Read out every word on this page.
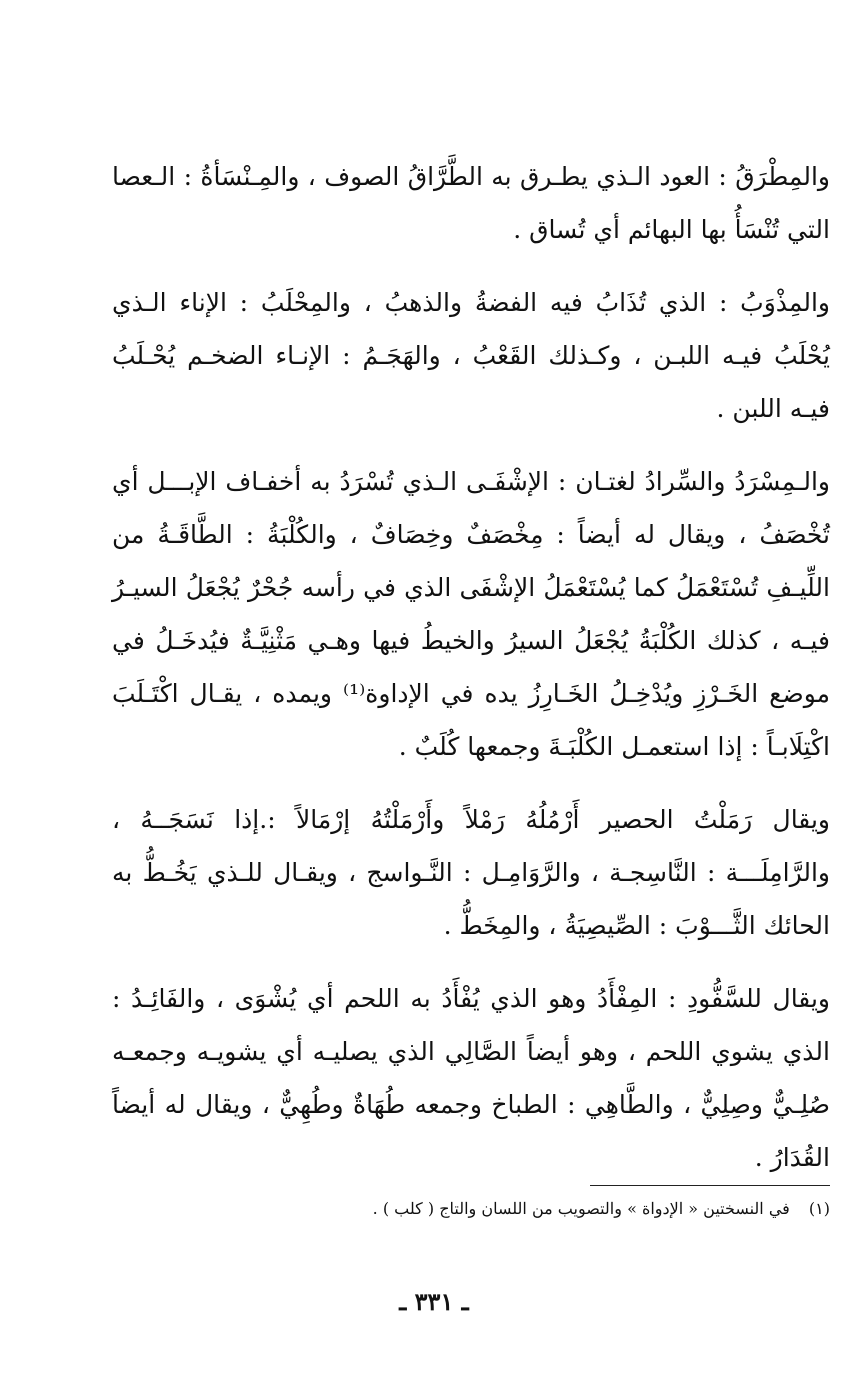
والمِطْرَقُ : العود الـذي يطـرق به الطَّرَّاقُ الصوف ، والمِـنْسَأةُ : الـعصا التي تُنْسَأُ بها البهائم أي تُساق .

والمِذْوَبُ : الذي تُذَابُ فيه الفضةُ والذهبُ ، والمِحْلَبُ : الإناء الـذي يُحْلَبُ فيـه اللبـن ، وكـذلك القَعْبُ ، والهَجَـمُ : الإنـاء الضخـم يُحْـلَبُ فيـه اللبن .

والـمِسْرَدُ والسِّرادُ لغتـان : الإشْفَـى الـذي تُسْرَدُ به أخفـاف الإبـــل أي تُخْصَفُ ، ويقال له أيضاً : مِخْصَفٌ وخِصَافٌ ، والكُلْبَةُ : الطَّاقَـةُ من اللِّيـفِ تُسْتَعْمَلُ كما يُسْتَعْمَلُ الإشْفَى الذي في رأسه جُحْرٌ يُجْعَلُ السيـرُ فيـه ، كذلك الكُلْبَةُ يُجْعَلُ السيرُ والخيطُ فيها وهـي مَثْنِيَّـةٌ فيُدخَـلُ في موضع الخَـرْزِ ويُدْخِـلُ الخَـارِزُ يده في الإداوة⁽¹⁾ ويمده ، يقـال اكْتَـلَبَ اكْتِلَابـاً : إذا استعمـل الكُلْبَـةَ وجمعها كُلَبٌ .

ويقال رَمَلْتُ الحصير أَرْمُلُهُ رَمْلاً وأَرْمَلْتُهُ إرْمَالاً :.إذا نَسَجَــهُ ، والرَّامِلَـــة : النَّاسِجـة ، والرَّوَامِـل : النَّـواسج ، ويقـال للـذي يَخُـطُّ به الحائك الثَّـــوْبَ : الصِّيصِيَةُ ، والمِخَطُّ .

ويقال للسَّفُّودِ : المِفْأَدُ وهو الذي يُفْأَدُ به اللحم أي يُشْوَى ، والفَائِـدُ : الذي يشوي اللحم ، وهو أيضاً الصَّالِي الذي يصليـه أي يشويـه وجمعـه صُلِـيٌّ وصِلِيٌّ ، والطَّاهِي : الطباخ وجمعه طُهَاةٌ وطُهِيٌّ ، ويقال له أيضاً القُدَارُ .

(١) في النسختين « الإدواة » والتصويب من اللسان والتاج ( كلب ) .
ـ ٣٣١ ـ
